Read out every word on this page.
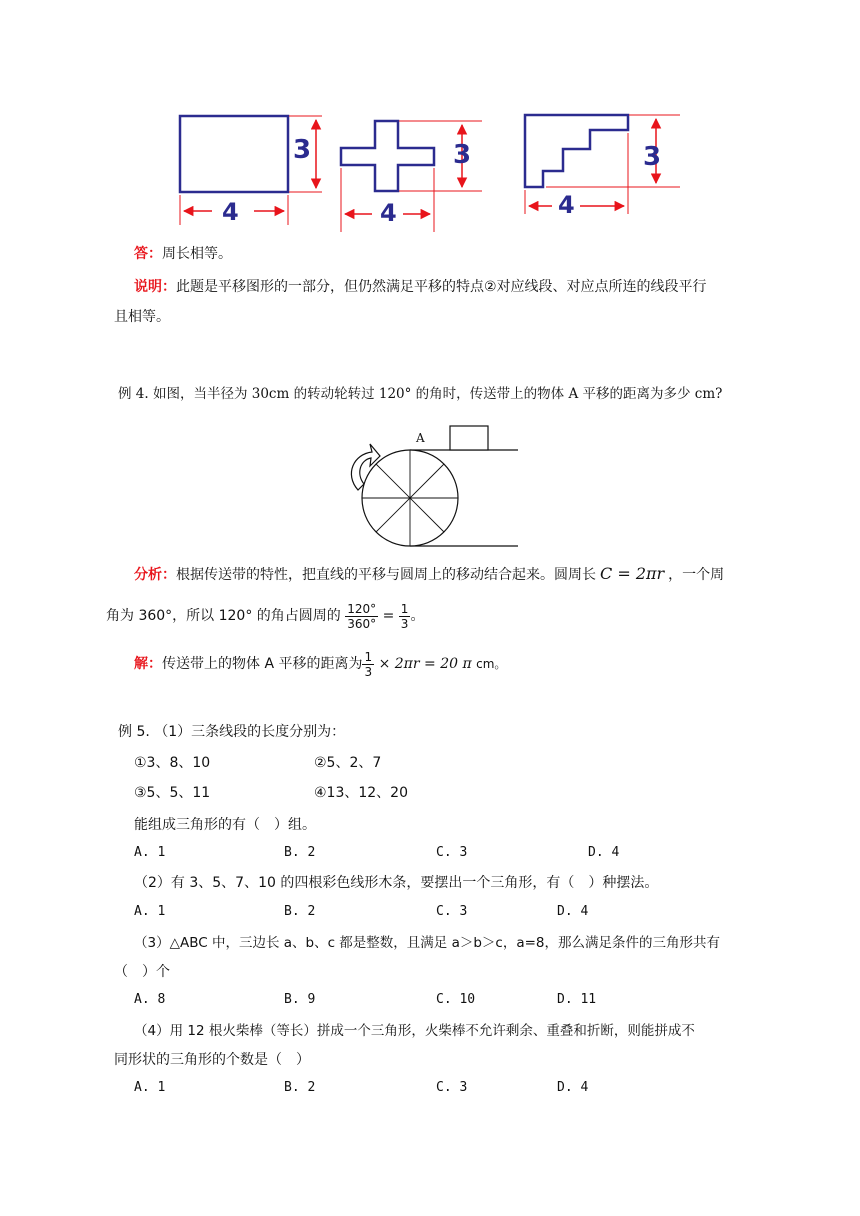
3
4
3
4
3
4
答：周长相等。
说明：此题是平移图形的一部分，但仍然满足平移的特点②对应线段、对应点所连的线段平行
且相等。
例 4. 如图，当半径为 30cm 的转动轮转过 120° 的角时，传送带上的物体 A 平移的距离为多少 cm?
A
分析：根据传送带的特性，把直线的平移与圆周上的移动结合起来。圆周长 C = 2πr ，一个周
角为 360°，所以 120° 的角占圆周的 $\frac{120^\circ}{360^\circ} = \frac{1}{3}$ 。
解：传送带上的物体 A 平移的距离为 $\frac{1}{3} \times 2\pi r = 20$ π cm。
例 5. （1）三条线段的长度分别为：
①3、8、10	②5、2、7
③5、5、11	④13、12、20
能组成三角形的有（　）组。
A. 1	B. 2	C. 3	D. 4
（2）有 3、5、7、10 的四根彩色线形木条，要摆出一个三角形，有（　）种摆法。
A. 1	B. 2	C. 3	D. 4
（3）△ABC 中，三边长 a、b、c 都是整数，且满足 a＞b＞c，a=8，那么满足条件的三角形共有
（　）个
A. 8	B. 9	C. 10	D. 11
（4）用 12 根火柴棒（等长）拼成一个三角形，火柴棒不允许剩余、重叠和折断，则能拼成不
同形状的三角形的个数是（　）
A. 1	B. 2	C. 3	D. 4
